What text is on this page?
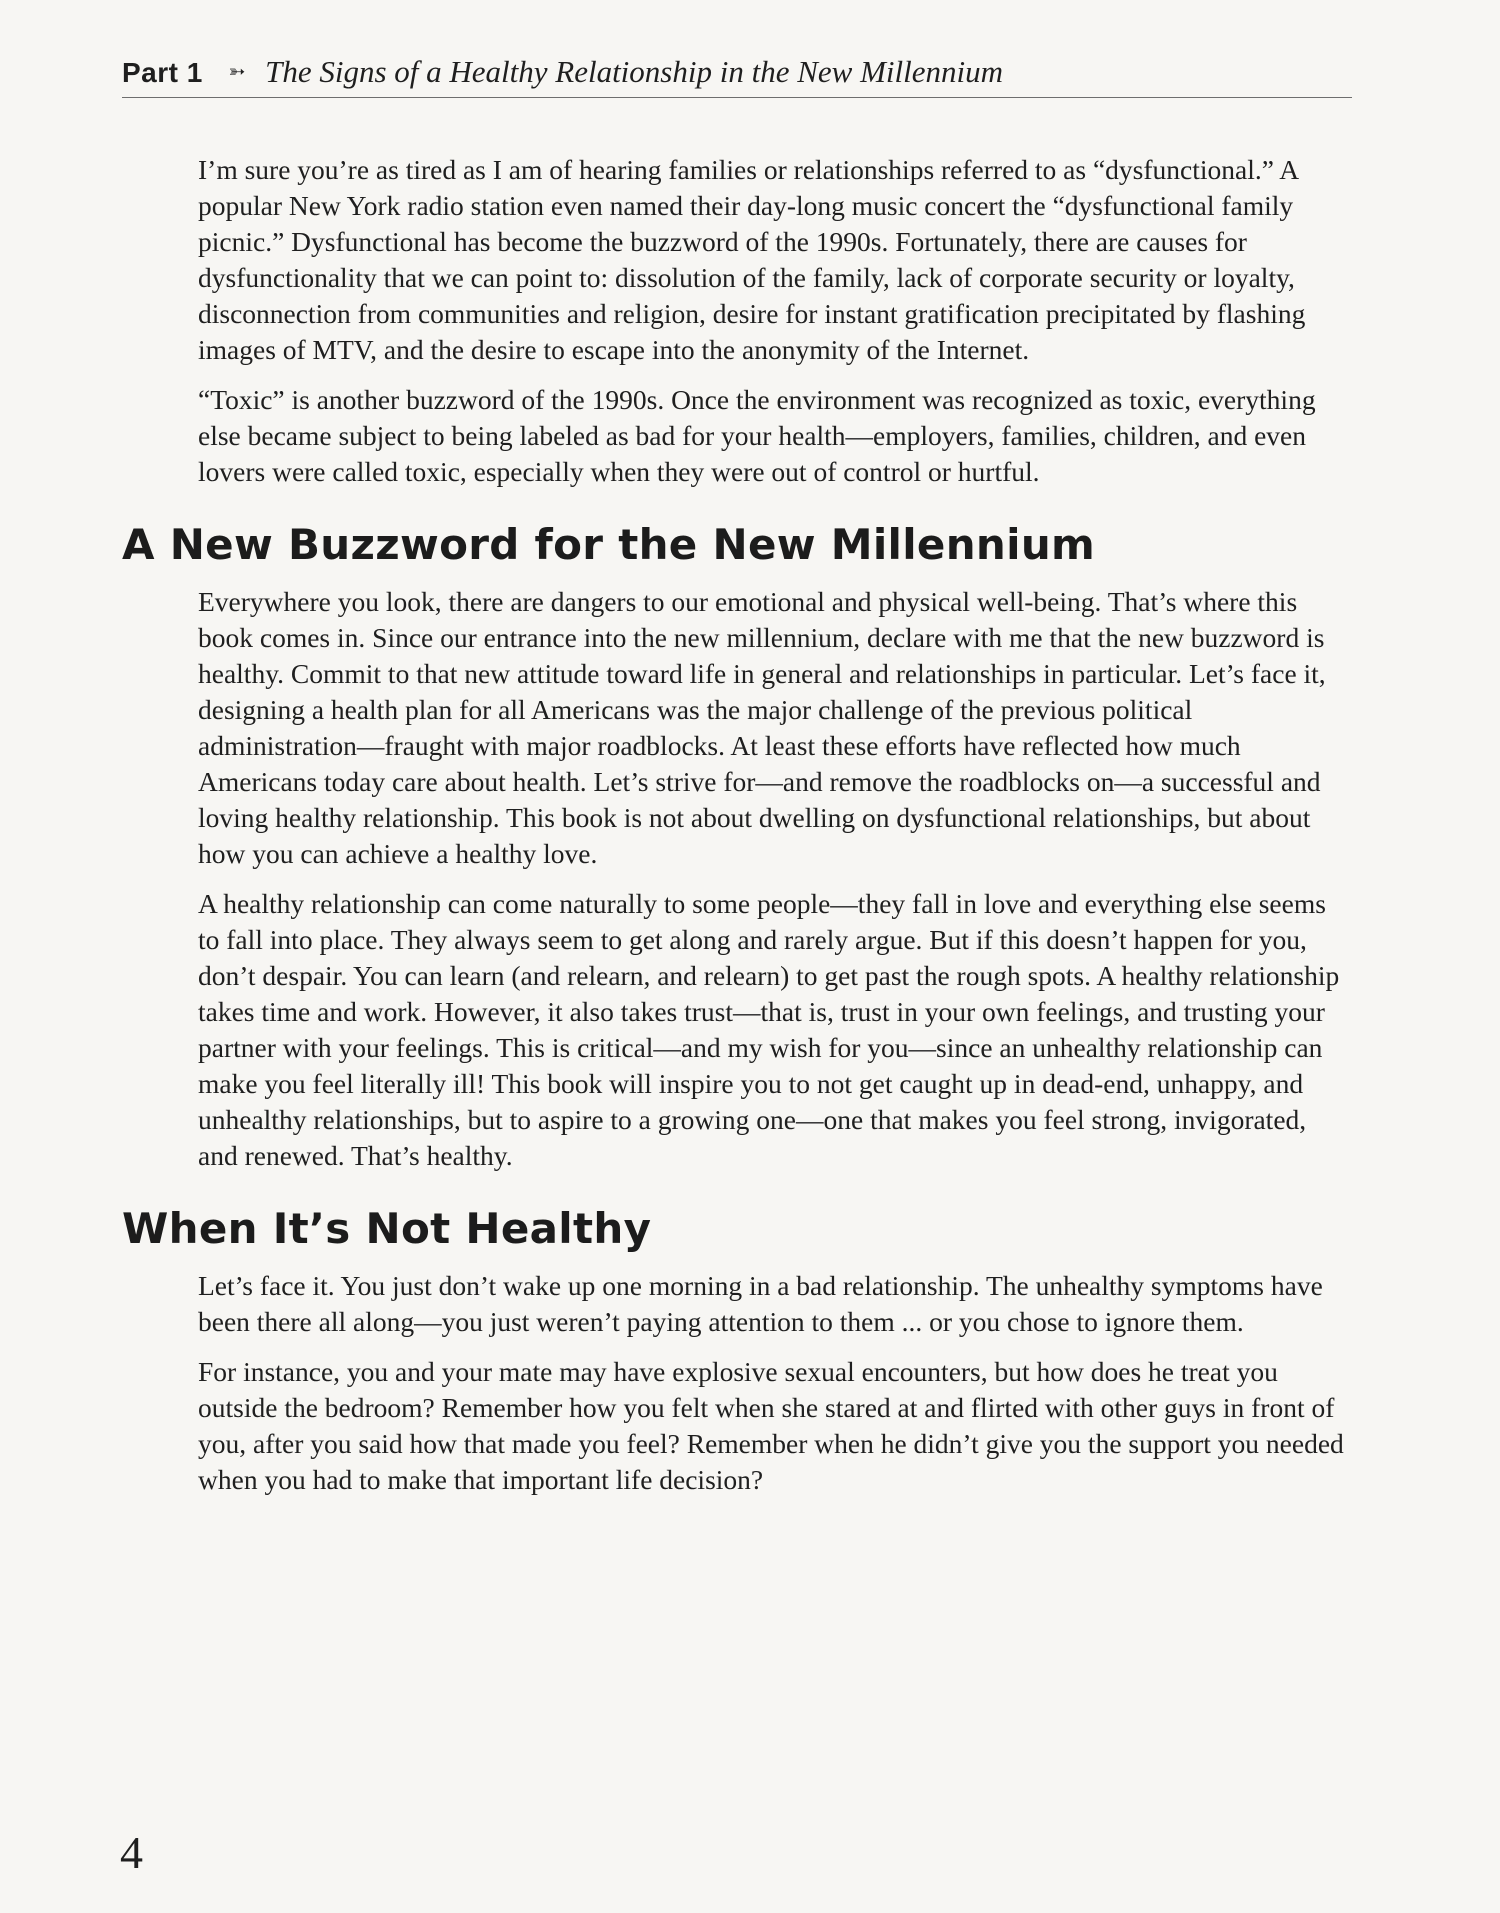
Part 1 ➳ The Signs of a Healthy Relationship in the New Millennium

I’m sure you’re as tired as I am of hearing families or relationships referred to as “dysfunctional.” A popular New York radio station even named their day-long music concert the “dysfunctional family picnic.” Dysfunctional has become the buzzword of the 1990s. Fortunately, there are causes for dysfunctionality that we can point to: dissolution of the family, lack of corporate security or loyalty, disconnection from communities and religion, desire for instant gratification precipitated by flashing images of MTV, and the desire to escape into the anonymity of the Internet.

“Toxic” is another buzzword of the 1990s. Once the environment was recognized as toxic, everything else became subject to being labeled as bad for your health—employers, families, children, and even lovers were called toxic, especially when they were out of control or hurtful.

A New Buzzword for the New Millennium

Everywhere you look, there are dangers to our emotional and physical well-being. That’s where this book comes in. Since our entrance into the new millennium, declare with me that the new buzzword is healthy. Commit to that new attitude toward life in general and relationships in particular. Let’s face it, designing a health plan for all Americans was the major challenge of the previous political administration—fraught with major roadblocks. At least these efforts have reflected how much Americans today care about health. Let’s strive for—and remove the roadblocks on—a successful and loving healthy relationship. This book is not about dwelling on dysfunctional relationships, but about how you can achieve a healthy love.

A healthy relationship can come naturally to some people—they fall in love and everything else seems to fall into place. They always seem to get along and rarely argue. But if this doesn’t happen for you, don’t despair. You can learn (and relearn, and relearn) to get past the rough spots. A healthy relationship takes time and work. However, it also takes trust—that is, trust in your own feelings, and trusting your partner with your feelings. This is critical—and my wish for you—since an unhealthy relationship can make you feel literally ill! This book will inspire you to not get caught up in dead-end, unhappy, and unhealthy relationships, but to aspire to a growing one—one that makes you feel strong, invigorated, and renewed. That’s healthy.

When It’s Not Healthy

Let’s face it. You just don’t wake up one morning in a bad relationship. The unhealthy symptoms have been there all along—you just weren’t paying attention to them ... or you chose to ignore them.

For instance, you and your mate may have explosive sexual encounters, but how does he treat you outside the bedroom? Remember how you felt when she stared at and flirted with other guys in front of you, after you said how that made you feel? Remember when he didn’t give you the support you needed when you had to make that important life decision?

4
